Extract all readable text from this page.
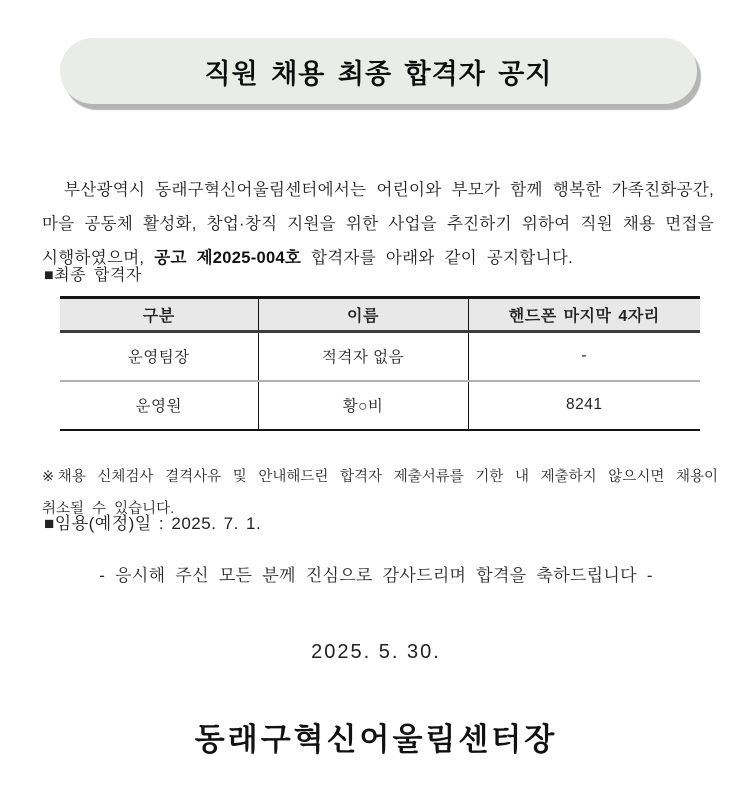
직원 채용 최종 합격자 공지

부산광역시 동래구혁신어울림센터에서는 어린이와 부모가 함께 행복한 가족친화공간, 마을 공동체 활성화, 창업·창직 지원을 위한 사업을 추진하기 위하여 직원 채용 면접을 시행하였으며, 공고 제2025-004호 합격자를 아래와 같이 공지합니다.

■최종 합격자
구분	이름	핸드폰 마지막 4자리
운영팀장	적격자 없음	-
운영원	황○비	8241

※채용 신체검사 결격사유 및 안내해드린 합격자 제출서류를 기한 내 제출하지 않으시면 채용이 취소될 수 있습니다.

■임용(예정)일 : 2025. 7. 1.
- 응시해 주신 모든 분께 진심으로 감사드리며 합격을 축하드립니다 -
2025. 5. 30.
동래구혁신어울림센터장
